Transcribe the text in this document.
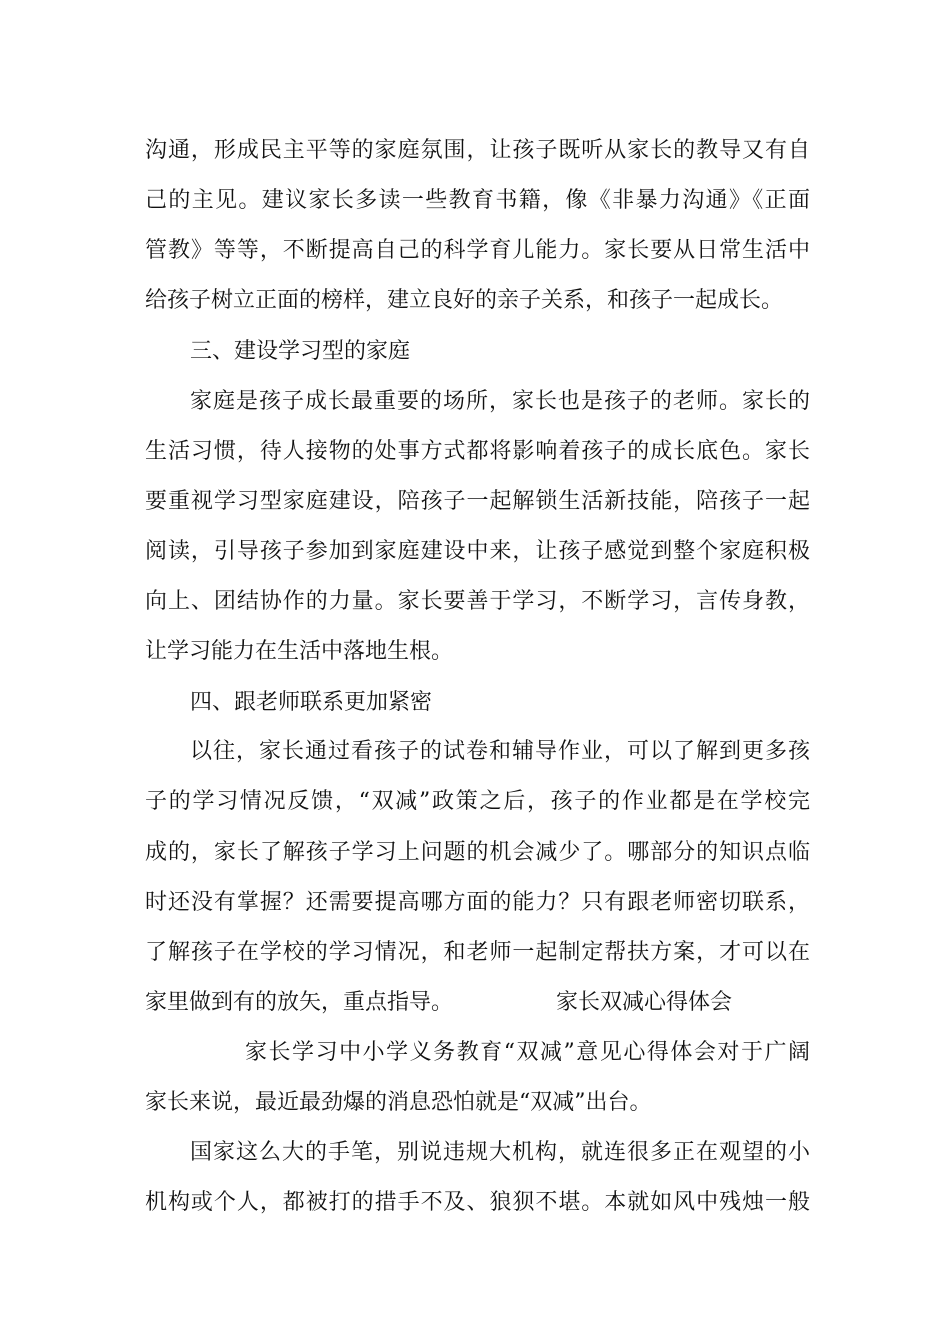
沟通，形成民主平等的家庭氛围，让孩子既听从家长的教导又有自
己的主见。建议家长多读一些教育书籍，像《非暴力沟通》《正面
管教》等等，不断提高自己的科学育儿能力。家长要从日常生活中
给孩子树立正面的榜样，建立良好的亲子关系，和孩子一起成长。
三、建设学习型的家庭
家庭是孩子成长最重要的场所，家长也是孩子的老师。家长的
生活习惯，待人接物的处事方式都将影响着孩子的成长底色。家长
要重视学习型家庭建设，陪孩子一起解锁生活新技能，陪孩子一起
阅读，引导孩子参加到家庭建设中来，让孩子感觉到整个家庭积极
向上、团结协作的力量。家长要善于学习，不断学习，言传身教，
让学习能力在生活中落地生根。
四、跟老师联系更加紧密
以往，家长通过看孩子的试卷和辅导作业，可以了解到更多孩
子的学习情况反馈，“双减”政策之后，孩子的作业都是在学校完
成的，家长了解孩子学习上问题的机会减少了。哪部分的知识点临
时还没有掌握？还需要提高哪方面的能力？只有跟老师密切联系，
了解孩子在学校的学习情况，和老师一起制定帮扶方案，才可以在
家里做到有的放矢，重点指导。	家长双减心得体会
家长学习中小学义务教育“双减”意见心得体会对于广阔
家长来说，最近最劲爆的消息恐怕就是“双减”出台。
国家这么大的手笔，别说违规大机构，就连很多正在观望的小
机构或个人，都被打的措手不及、狼狈不堪。本就如风中残烛一般
